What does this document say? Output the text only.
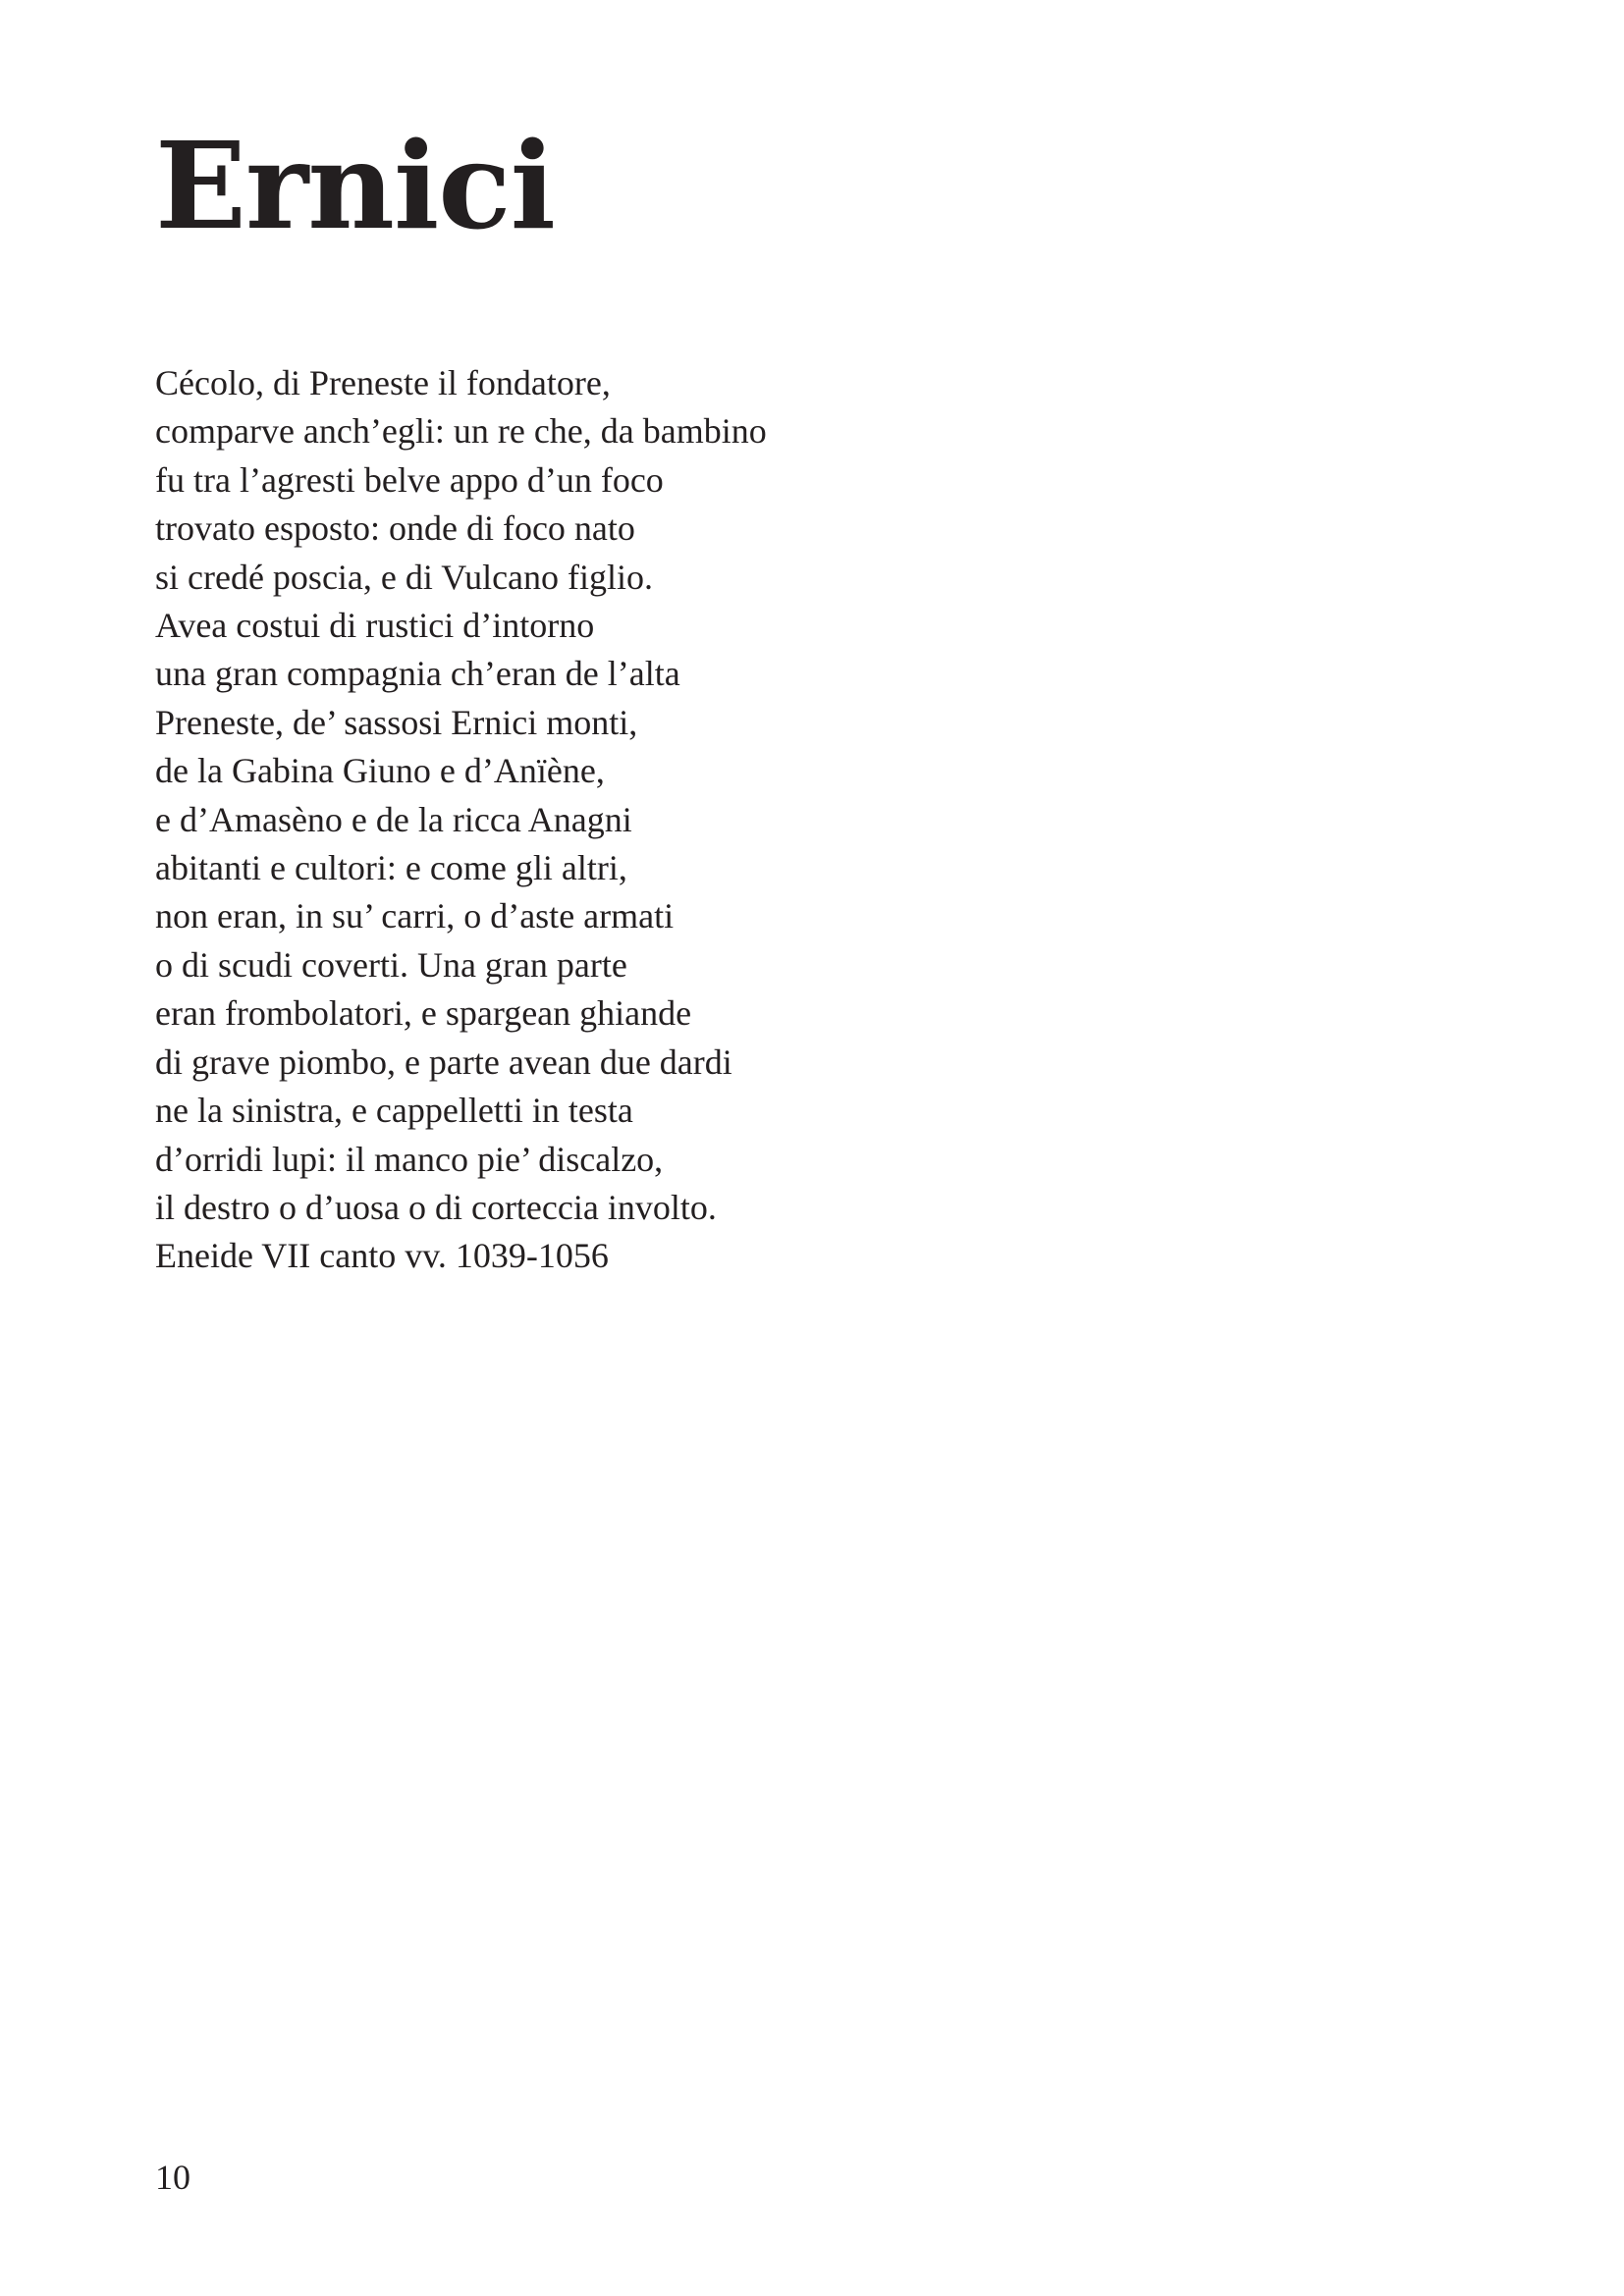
Ernici
Cécolo, di Preneste il fondatore,
comparve anch’egli: un re che, da bambino
fu tra l’agresti belve appo d’un foco
trovato esposto: onde di foco nato
si credé poscia, e di Vulcano figlio.
Avea costui di rustici d’intorno
una gran compagnia ch’eran de l’alta
Preneste, de’ sassosi Ernici monti,
de la Gabina Giuno e d’Anïène,
e d’Amasèno e de la ricca Anagni
abitanti e cultori: e come gli altri,
non eran, in su’ carri, o d’aste armati
o di scudi coverti. Una gran parte
eran frombolatori, e spargean ghiande
di grave piombo, e parte avean due dardi
ne la sinistra, e cappelletti in testa
d’orridi lupi: il manco pie’ discalzo,
il destro o d’uosa o di corteccia involto.
Eneide VII canto vv. 1039-1056
10
